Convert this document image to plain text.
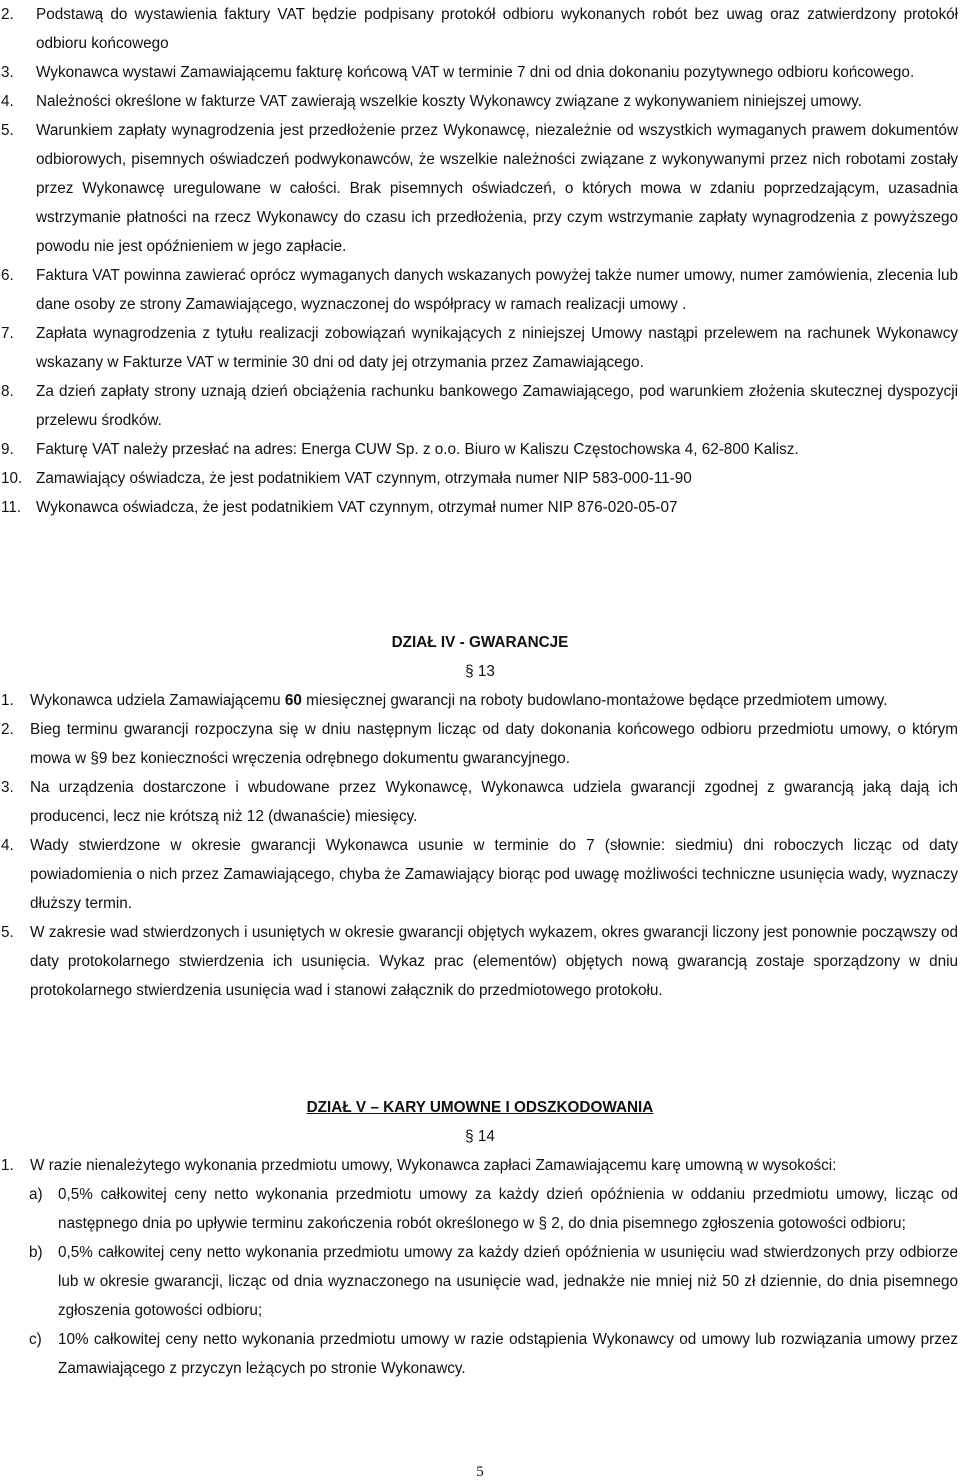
2.	Podstawą do wystawienia faktury VAT będzie podpisany protokół odbioru wykonanych robót bez uwag oraz zatwierdzony protokół odbioru końcowego
3.	Wykonawca wystawi Zamawiającemu fakturę końcową VAT w terminie 7 dni od dnia dokonaniu pozytywnego odbioru końcowego.
4.	Należności określone w fakturze VAT zawierają wszelkie koszty Wykonawcy związane z wykonywaniem niniejszej umowy.
5.	Warunkiem zapłaty wynagrodzenia jest przedłożenie przez Wykonawcę, niezależnie od wszystkich wymaganych prawem dokumentów odbiorowych, pisemnych oświadczeń podwykonawców, że wszelkie należności związane z wykonywanymi przez nich robotami zostały przez Wykonawcę uregulowane w całości. Brak pisemnych oświadczeń, o których mowa w zdaniu poprzedzającym, uzasadnia wstrzymanie płatności na rzecz Wykonawcy do czasu ich przedłożenia, przy czym wstrzymanie zapłaty wynagrodzenia z powyższego powodu nie jest opóźnieniem w jego zapłacie.
6.	Faktura VAT powinna zawierać oprócz wymaganych danych wskazanych powyżej także numer umowy, numer zamówienia, zlecenia lub dane osoby ze strony Zamawiającego, wyznaczonej do współpracy w ramach realizacji umowy .
7.	Zapłata wynagrodzenia z tytułu realizacji zobowiązań wynikających z niniejszej Umowy nastąpi przelewem na rachunek Wykonawcy wskazany w Fakturze VAT w terminie 30 dni od daty jej otrzymania przez Zamawiającego.
8.	Za dzień zapłaty strony uznają dzień obciążenia rachunku bankowego Zamawiającego, pod warunkiem złożenia skutecznej dyspozycji przelewu środków.
9.	Fakturę VAT należy przesłać na adres: Energa CUW Sp. z o.o. Biuro w Kaliszu Częstochowska 4, 62-800 Kalisz.
10. Zamawiający oświadcza, że jest podatnikiem VAT czynnym, otrzymała numer NIP 583-000-11-90
11. Wykonawca oświadcza, że jest podatnikiem VAT czynnym, otrzymał numer NIP 876-020-05-07
DZIAŁ IV - GWARANCJE
§ 13
1.	Wykonawca udziela Zamawiającemu 60 miesięcznej gwarancji na roboty budowlano-montażowe będące przedmiotem umowy.
2.	Bieg terminu gwarancji rozpoczyna się w dniu następnym licząc od daty dokonania końcowego odbioru przedmiotu umowy, o którym mowa w §9 bez konieczności wręczenia odrębnego dokumentu gwarancyjnego.
3.	Na urządzenia dostarczone i wbudowane przez Wykonawcę, Wykonawca udziela gwarancji zgodnej z gwarancją jaką dają ich producenci, lecz nie krótszą niż 12 (dwanaście) miesięcy.
4.	Wady stwierdzone w okresie gwarancji Wykonawca usunie w terminie do 7 (słownie: siedmiu) dni roboczych licząc od daty powiadomienia o nich przez Zamawiającego, chyba że Zamawiający biorąc pod uwagę możliwości techniczne usunięcia wady, wyznaczy dłuższy termin.
5.	W zakresie wad stwierdzonych i usuniętych w okresie gwarancji objętych wykazem, okres gwarancji liczony jest ponownie począwszy od daty protokolarnego stwierdzenia ich usunięcia. Wykaz prac (elementów) objętych nową gwarancją zostaje sporządzony w dniu protokolarnego stwierdzenia usunięcia wad i stanowi załącznik do przedmiotowego protokołu.
DZIAŁ V – KARY UMOWNE I ODSZKODOWANIA
§ 14
1.	W razie nienależytego wykonania przedmiotu umowy, Wykonawca zapłaci Zamawiającemu karę umowną w wysokości:
a)	0,5% całkowitej ceny netto wykonania przedmiotu umowy za każdy dzień opóźnienia w oddaniu przedmiotu umowy, licząc od następnego dnia po upływie terminu zakończenia robót określonego w § 2, do dnia pisemnego zgłoszenia gotowości odbioru;
b)	0,5% całkowitej ceny netto wykonania przedmiotu umowy za każdy dzień opóźnienia w usunięciu wad stwierdzonych przy odbiorze lub w okresie gwarancji, licząc od dnia wyznaczonego na usunięcie wad, jednakże nie mniej niż 50 zł dziennie, do dnia pisemnego zgłoszenia gotowości odbioru;
c)	10% całkowitej ceny netto wykonania przedmiotu umowy w razie odstąpienia Wykonawcy od umowy lub rozwiązania umowy przez Zamawiającego z przyczyn leżących po stronie Wykonawcy.
5
